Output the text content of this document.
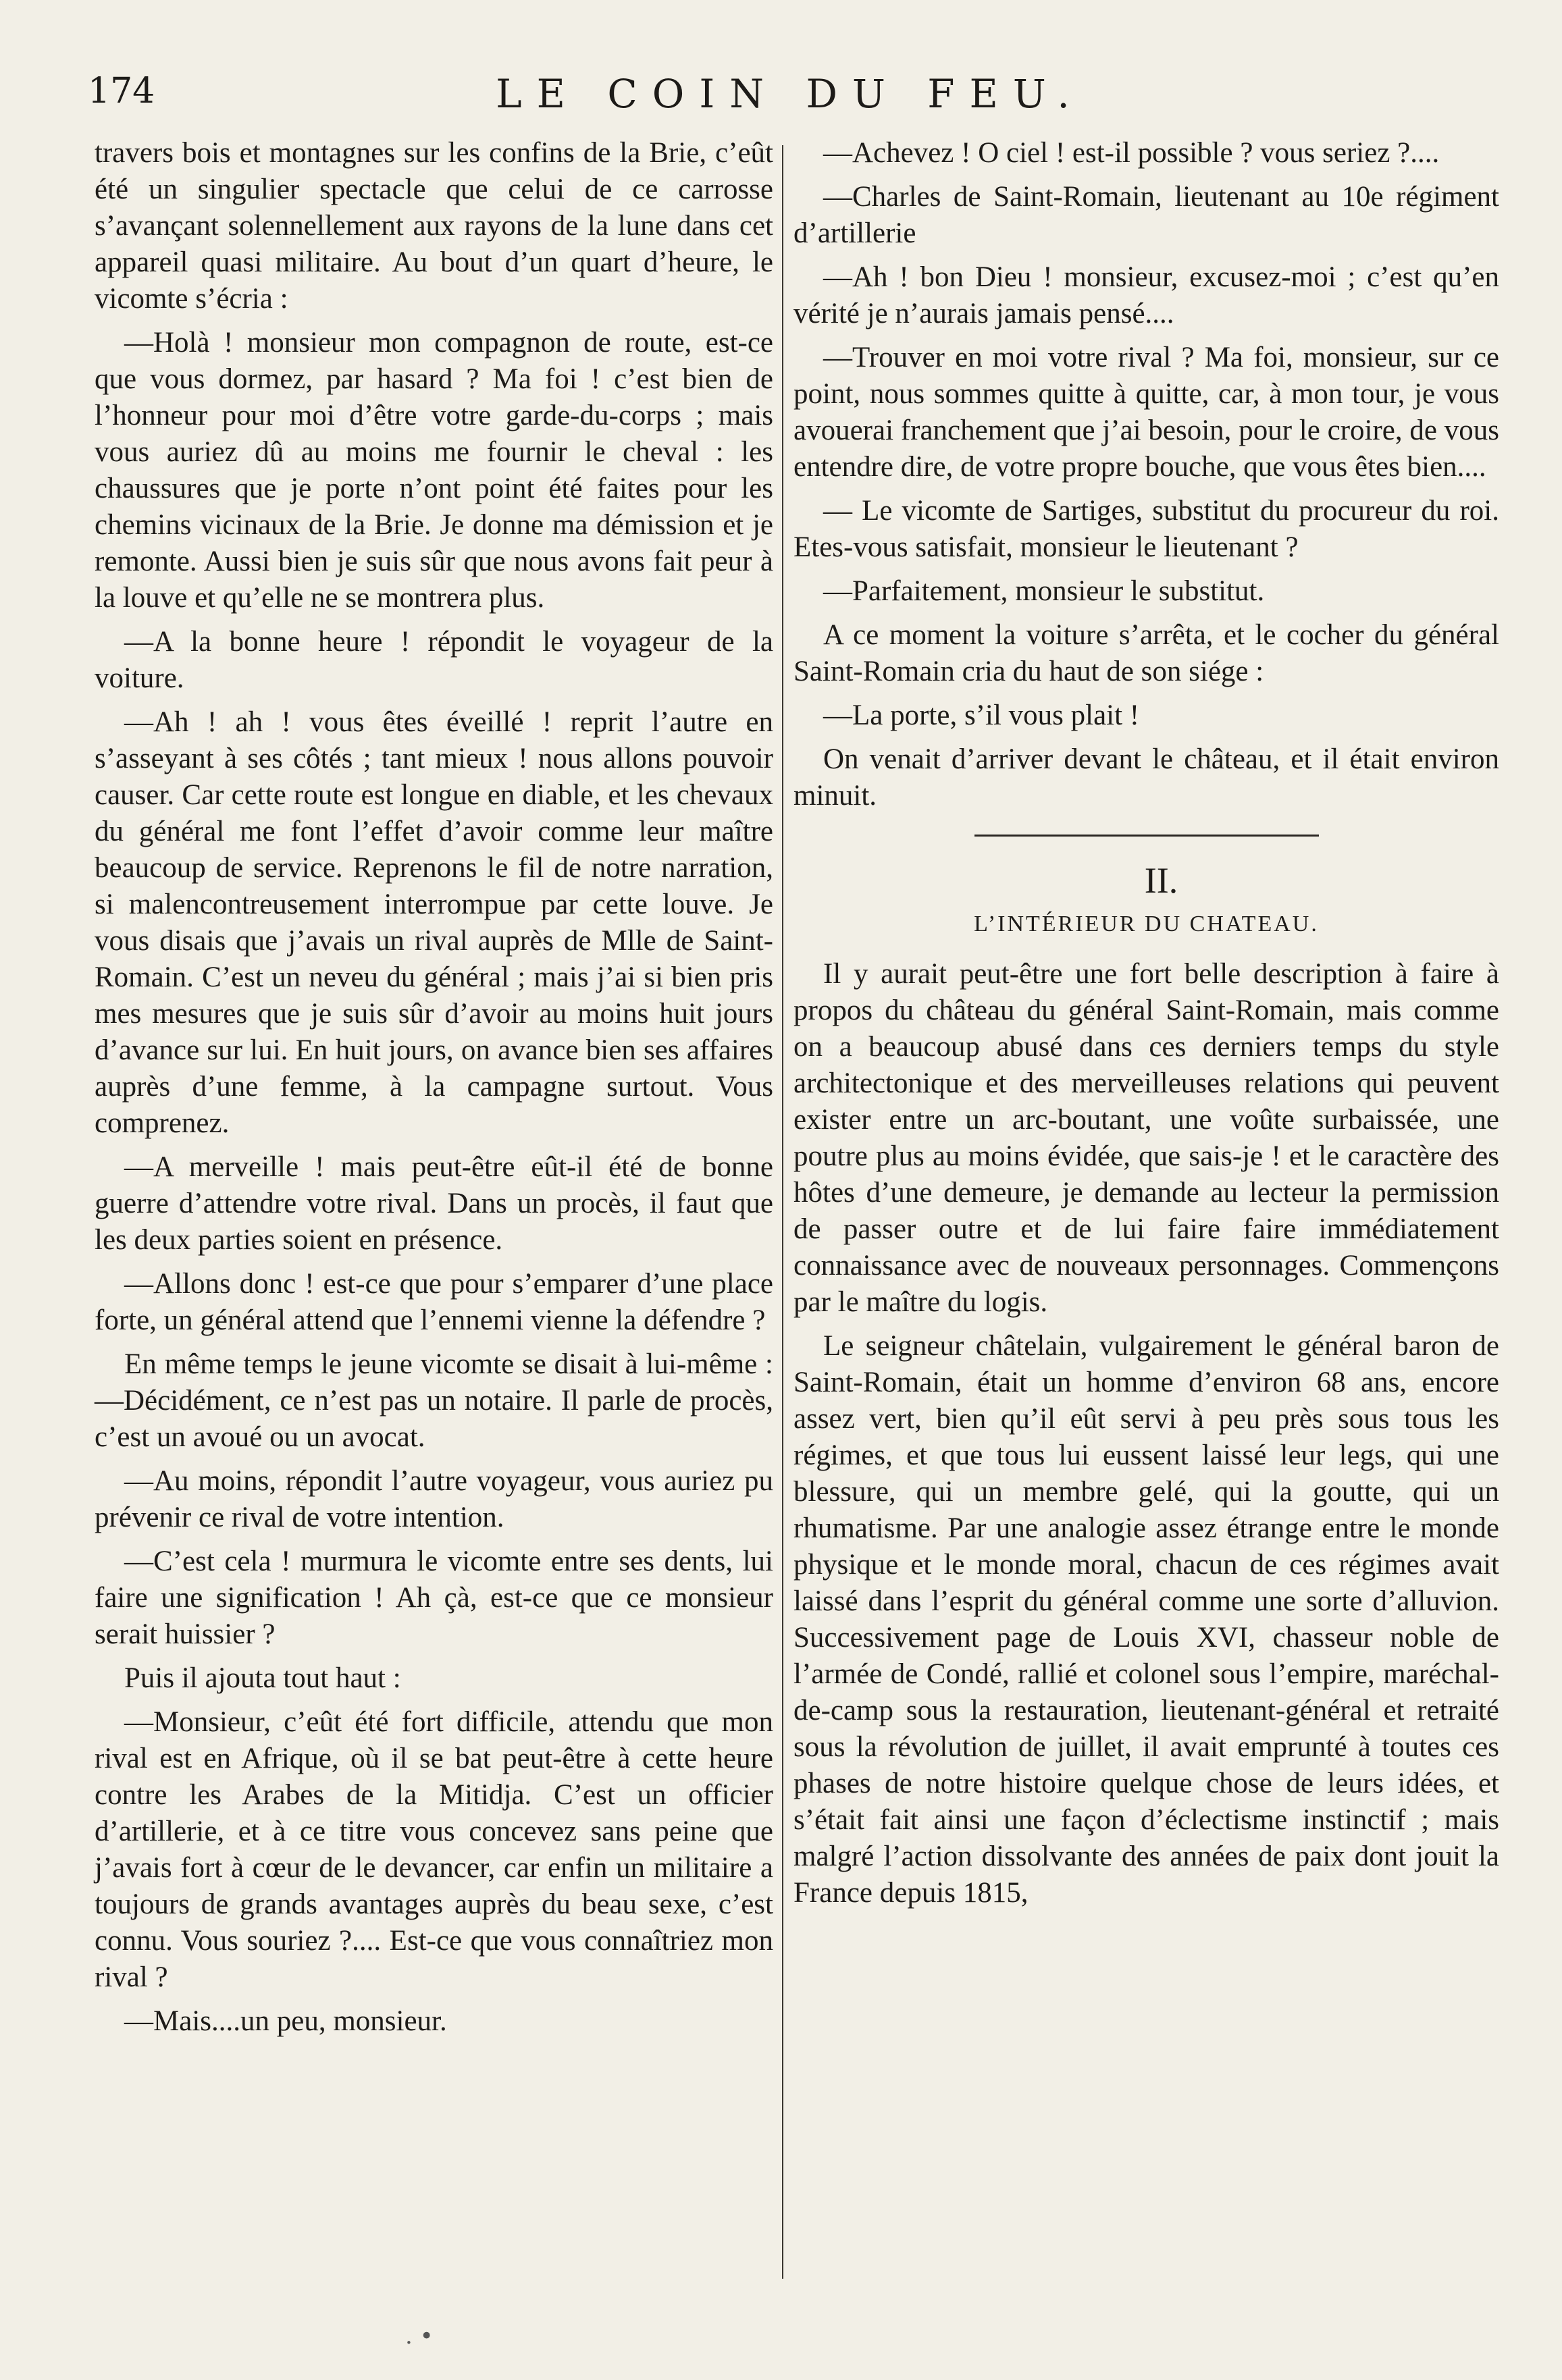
174	LE COIN DU FEU.

travers bois et montagnes sur les confins de la Brie, c’eût été un singulier spectacle que celui de ce carrosse s’avançant solennellement aux rayons de la lune dans cet appareil quasi militaire. Au bout d’un quart d’heure, le vicomte s’écria :

—Holà ! monsieur mon compagnon de route, est-ce que vous dormez, par hasard ? Ma foi ! c’est bien de l’honneur pour moi d’être votre garde-du-corps ; mais vous auriez dû au moins me fournir le cheval : les chaussures que je porte n’ont point été faites pour les chemins vicinaux de la Brie. Je donne ma démission et je remonte. Aussi bien je suis sûr que nous avons fait peur à la louve et qu’elle ne se montrera plus.

—A la bonne heure ! répondit le voyageur de la voiture.

—Ah ! ah ! vous êtes éveillé ! reprit l’autre en s’asseyant à ses côtés ; tant mieux ! nous allons pouvoir causer. Car cette route est longue en diable, et les chevaux du général me font l’effet d’avoir comme leur maître beaucoup de service. Reprenons le fil de notre narration, si malencontreusement interrompue par cette louve. Je vous disais que j’avais un rival auprès de Mlle de Saint-Romain. C’est un neveu du général ; mais j’ai si bien pris mes mesures que je suis sûr d’avoir au moins huit jours d’avance sur lui. En huit jours, on avance bien ses affaires auprès d’une femme, à la campagne surtout. Vous comprenez.

—A merveille ! mais peut-être eût-il été de bonne guerre d’attendre votre rival. Dans un procès, il faut que les deux parties soient en présence.

—Allons donc ! est-ce que pour s’emparer d’une place forte, un général attend que l’ennemi vienne la défendre ?

En même temps le jeune vicomte se disait à lui-même :—Décidément, ce n’est pas un notaire. Il parle de procès, c’est un avoué ou un avocat.

—Au moins, répondit l’autre voyageur, vous auriez pu prévenir ce rival de votre intention.

—C’est cela ! murmura le vicomte entre ses dents, lui faire une signification ! Ah çà, est-ce que ce monsieur serait huissier ?

Puis il ajouta tout haut :

—Monsieur, c’eût été fort difficile, attendu que mon rival est en Afrique, où il se bat peut-être à cette heure contre les Arabes de la Mitidja. C’est un officier d’artillerie, et à ce titre vous concevez sans peine que j’avais fort à cœur de le devancer, car enfin un militaire a toujours de grands avantages auprès du beau sexe, c’est connu. Vous souriez ?.... Est-ce que vous connaîtriez mon rival ?

—Mais....un peu, monsieur.

—Achevez ! O ciel ! est-il possible ? vous seriez ?....

—Charles de Saint-Romain, lieutenant au 10e régiment d’artillerie

—Ah ! bon Dieu ! monsieur, excusez-moi ; c’est qu’en vérité je n’aurais jamais pensé....

—Trouver en moi votre rival ? Ma foi, monsieur, sur ce point, nous sommes quitte à quitte, car, à mon tour, je vous avouerai franchement que j’ai besoin, pour le croire, de vous entendre dire, de votre propre bouche, que vous êtes bien....

— Le vicomte de Sartiges, substitut du procureur du roi. Etes-vous satisfait, monsieur le lieutenant ?

—Parfaitement, monsieur le substitut.

A ce moment la voiture s’arrêta, et le cocher du général Saint-Romain cria du haut de son siége :

—La porte, s’il vous plait !

On venait d’arriver devant le château, et il était environ minuit.

II.

L’INTÉRIEUR DU CHATEAU.

Il y aurait peut-être une fort belle description à faire à propos du château du général Saint-Romain, mais comme on a beaucoup abusé dans ces derniers temps du style architectonique et des merveilleuses relations qui peuvent exister entre un arc-boutant, une voûte surbaissée, une poutre plus au moins évidée, que sais-je ! et le caractère des hôtes d’une demeure, je demande au lecteur la permission de passer outre et de lui faire faire immédiatement connaissance avec de nouveaux personnages. Commençons par le maître du logis.

Le seigneur châtelain, vulgairement le général baron de Saint-Romain, était un homme d’environ 68 ans, encore assez vert, bien qu’il eût servi à peu près sous tous les régimes, et que tous lui eussent laissé leur legs, qui une blessure, qui un membre gelé, qui la goutte, qui un rhumatisme. Par une analogie assez étrange entre le monde physique et le monde moral, chacun de ces régimes avait laissé dans l’esprit du général comme une sorte d’alluvion. Successivement page de Louis XVI, chasseur noble de l’armée de Condé, rallié et colonel sous l’empire, maréchal-de-camp sous la restauration, lieutenant-général et retraité sous la révolution de juillet, il avait emprunté à toutes ces phases de notre histoire quelque chose de leurs idées, et s’était fait ainsi une façon d’éclectisme instinctif ; mais malgré l’action dissolvante des années de paix dont jouit la France depuis 1815,

. •
